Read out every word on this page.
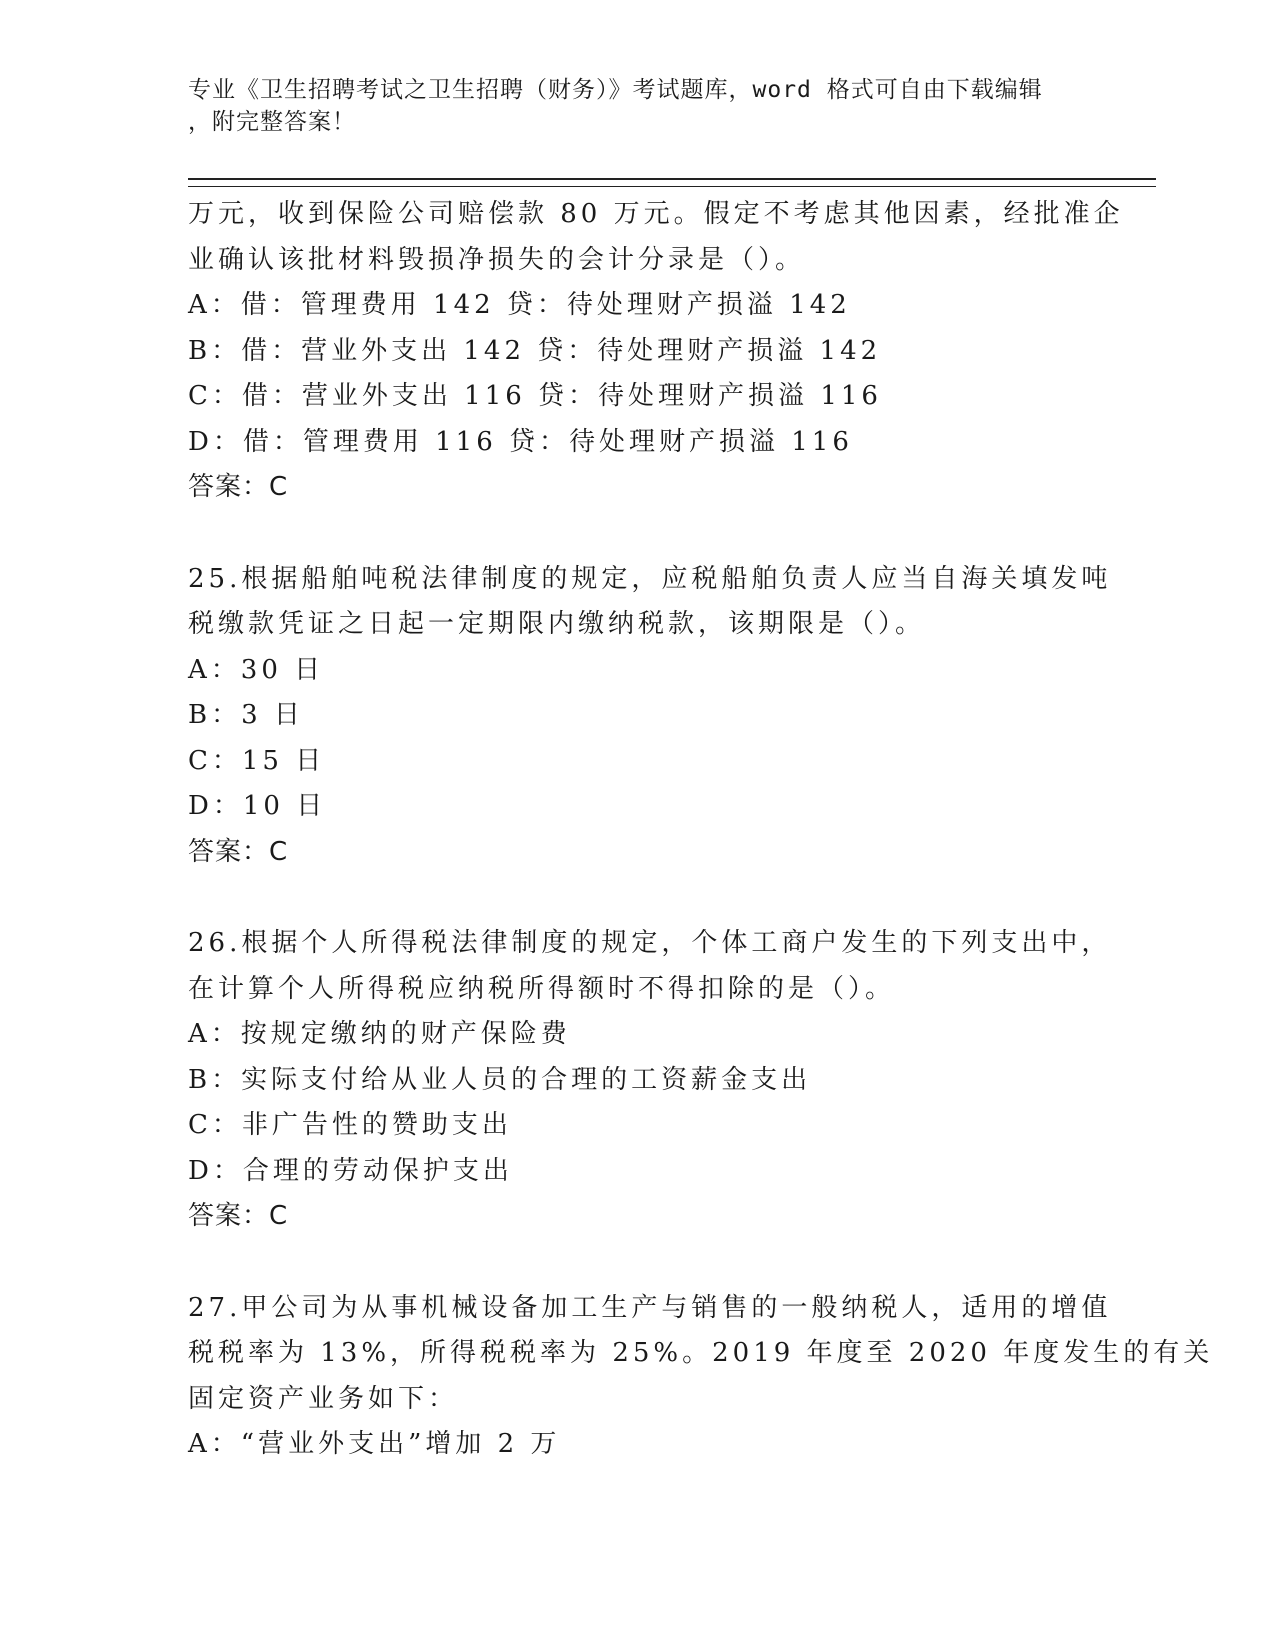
专业《卫生招聘考试之卫生招聘（财务）》考试题库，word 格式可自由下载编辑
，附完整答案！
万元，收到保险公司赔偿款 80 万元。假定不考虑其他因素，经批准企
业确认该批材料毁损净损失的会计分录是（）。
A：借：管理费用 142 贷：待处理财产损溢 142
B：借：营业外支出 142 贷：待处理财产损溢 142
C：借：营业外支出 116 贷：待处理财产损溢 116
D：借：管理费用 116 贷：待处理财产损溢 116
答案：C
25.根据船舶吨税法律制度的规定，应税船舶负责人应当自海关填发吨
税缴款凭证之日起一定期限内缴纳税款，该期限是（）。
A：30 日
B：3 日
C：15 日
D：10 日
答案：C
26.根据个人所得税法律制度的规定，个体工商户发生的下列支出中，
在计算个人所得税应纳税所得额时不得扣除的是（）。
A：按规定缴纳的财产保险费
B：实际支付给从业人员的合理的工资薪金支出
C：非广告性的赞助支出
D：合理的劳动保护支出
答案：C
27.甲公司为从事机械设备加工生产与销售的一般纳税人，适用的增值
税税率为 13%，所得税税率为 25%。2019 年度至 2020 年度发生的有关
固定资产业务如下：
A：“营业外支出”增加 2 万
